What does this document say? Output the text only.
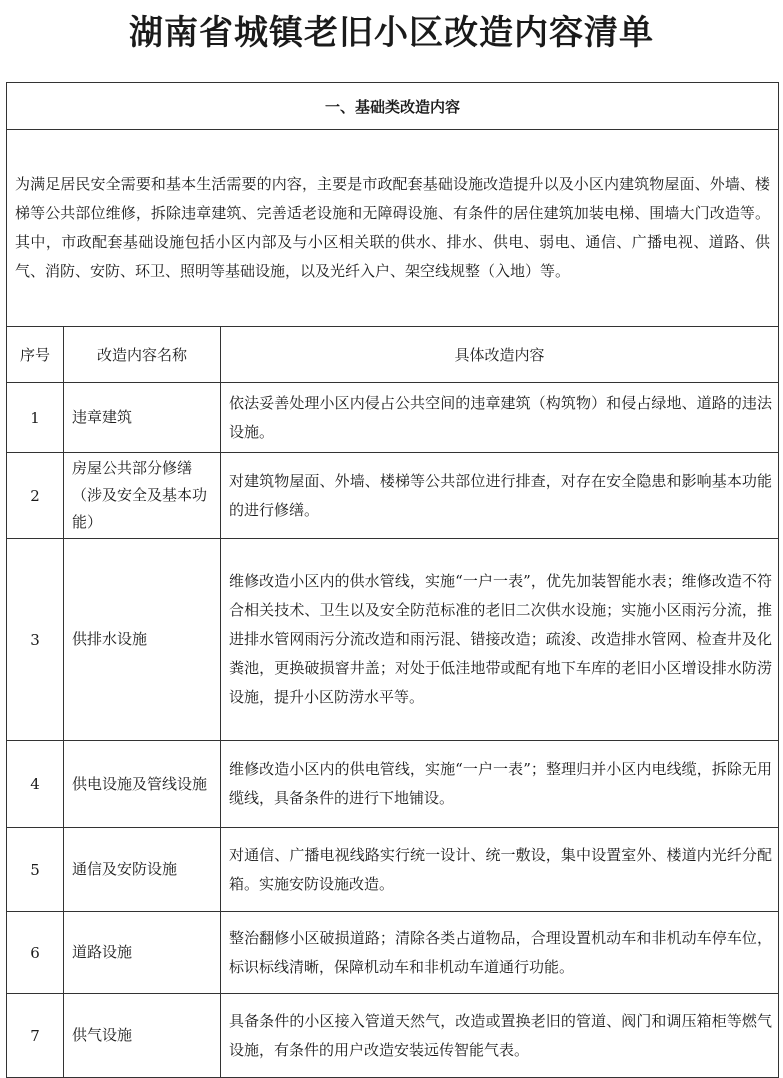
湖南省城镇老旧小区改造内容清单
一、基础类改造内容		
为满足居民安全需要和基本生活需要的内容，主要是市政配套基础设施改造提升以及小区内建筑物屋面、外墙、楼梯等公共部位维修，拆除违章建筑、完善适老设施和无障碍设施、有条件的居住建筑加装电梯、围墙大门改造等。其中，市政配套基础设施包括小区内部及与小区相关联的供水、排水、供电、弱电、通信、广播电视、道路、供气、消防、安防、环卫、照明等基础设施，以及光纤入户、架空线规整（入地）等。		
序号	改造内容名称	具体改造内容
1	违章建筑	依法妥善处理小区内侵占公共空间的违章建筑（构筑物）和侵占绿地、道路的违法设施。
2	房屋公共部分修缮（涉及安全及基本功能）	对建筑物屋面、外墙、楼梯等公共部位进行排查，对存在安全隐患和影响基本功能的进行修缮。
3	供排水设施	维修改造小区内的供水管线，实施“一户一表”，优先加装智能水表；维修改造不符合相关技术、卫生以及安全防范标准的老旧二次供水设施；实施小区雨污分流，推进排水管网雨污分流改造和雨污混、错接改造；疏浚、改造排水管网、检查井及化粪池，更换破损窨井盖；对处于低洼地带或配有地下车库的老旧小区增设排水防涝设施，提升小区防涝水平等。
4	供电设施及管线设施	维修改造小区内的供电管线，实施“一户一表”；整理归并小区内电线缆，拆除无用缆线，具备条件的进行下地铺设。
5	通信及安防设施	对通信、广播电视线路实行统一设计、统一敷设，集中设置室外、楼道内光纤分配箱。实施安防设施改造。
6	道路设施	整治翻修小区破损道路；清除各类占道物品，合理设置机动车和非机动车停车位，标识标线清晰，保障机动车和非机动车道通行功能。
7	供气设施	具备条件的小区接入管道天然气，改造或置换老旧的管道、阀门和调压箱柜等燃气设施，有条件的用户改造安装远传智能气表。
